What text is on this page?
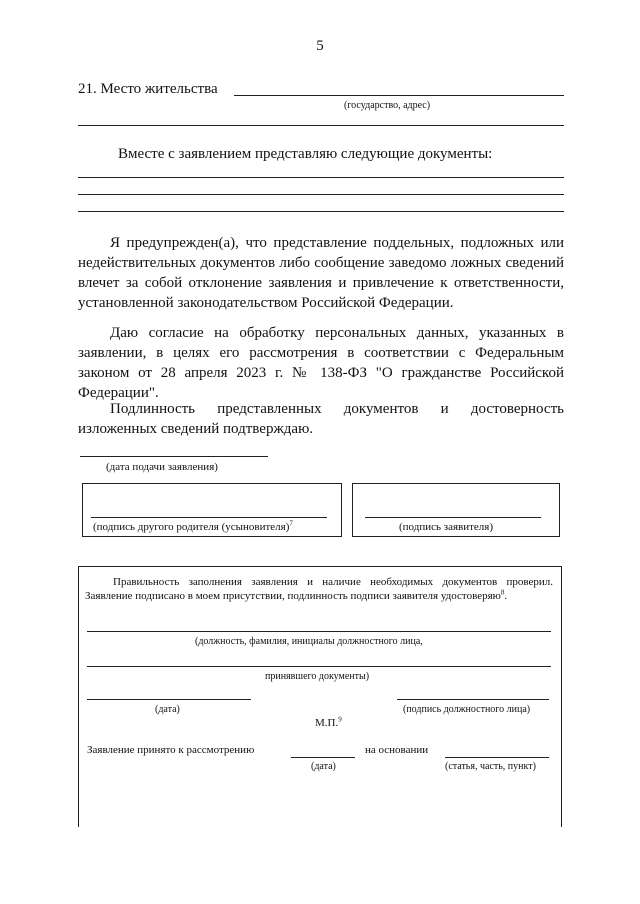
5
21. Место жительства
(государство, адрес)
Вместе с заявлением представляю следующие документы:
Я предупрежден(а), что представление поддельных, подложных или недействительных документов либо сообщение заведомо ложных сведений влечет за собой отклонение заявления и привлечение к ответственности, установленной законодательством Российской Федерации.
Даю согласие на обработку персональных данных, указанных в заявлении, в целях его рассмотрения в соответствии с Федеральным законом от 28 апреля 2023 г. № 138-ФЗ "О гражданстве Российской Федерации".
Подлинность представленных документов и достоверность изложенных сведений подтверждаю.
(дата подачи заявления)
(подпись другого родителя (усыновителя)$^7$	(подпись заявителя)
Правильность заполнения заявления и наличие необходимых документов проверил. Заявление подписано в моем присутствии, подлинность подписи заявителя удостоверяю$^8$.
(должность, фамилия, инициалы должностного лица,
принявшего документы)
(дата)	(подпись должностного лица)
М.П.$^9$
Заявление принято к рассмотрению	на основании
(дата)	(статья, часть, пункт)
